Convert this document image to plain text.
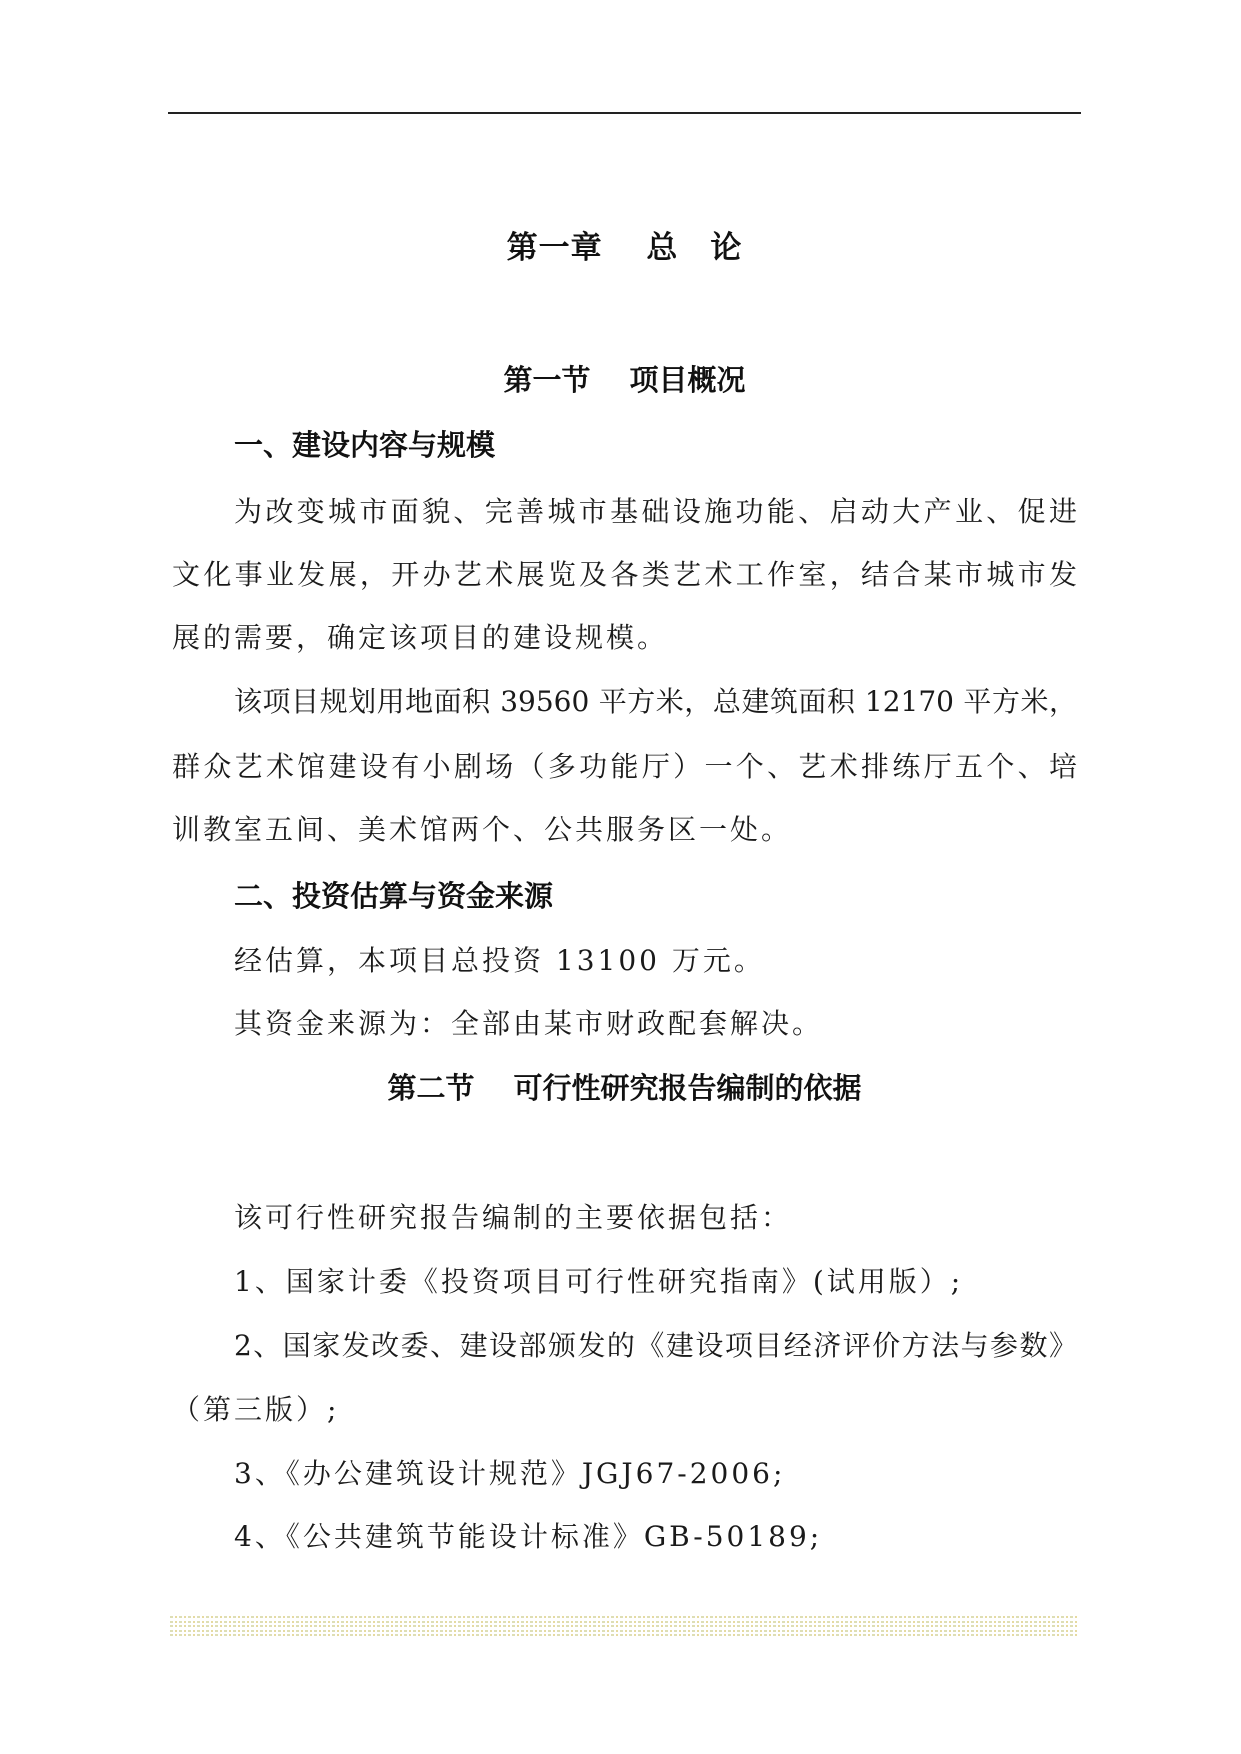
第一章　 总　论
第一节　 项目概况
一、建设内容与规模
为改变城市面貌、完善城市基础设施功能、启动大产业、促进
文化事业发展，开办艺术展览及各类艺术工作室，结合某市城市发
展的需要，确定该项目的建设规模。
该项目规划用地面积 39560 平方米，总建筑面积 12170 平方米，
群众艺术馆建设有小剧场（多功能厅）一个、艺术排练厅五个、培
训教室五间、美术馆两个、公共服务区一处。
二、投资估算与资金来源
经估算，本项目总投资 13100 万元。
其资金来源为：全部由某市财政配套解决。
第二节　 可行性研究报告编制的依据
该可行性研究报告编制的主要依据包括：
1、国家计委《投资项目可行性研究指南》(试用版）;
2、国家发改委、建设部颁发的《建设项目经济评价方法与参数》
（第三版）;
3、《办公建筑设计规范》JGJ67-2006;
4、《公共建筑节能设计标准》GB-50189;
